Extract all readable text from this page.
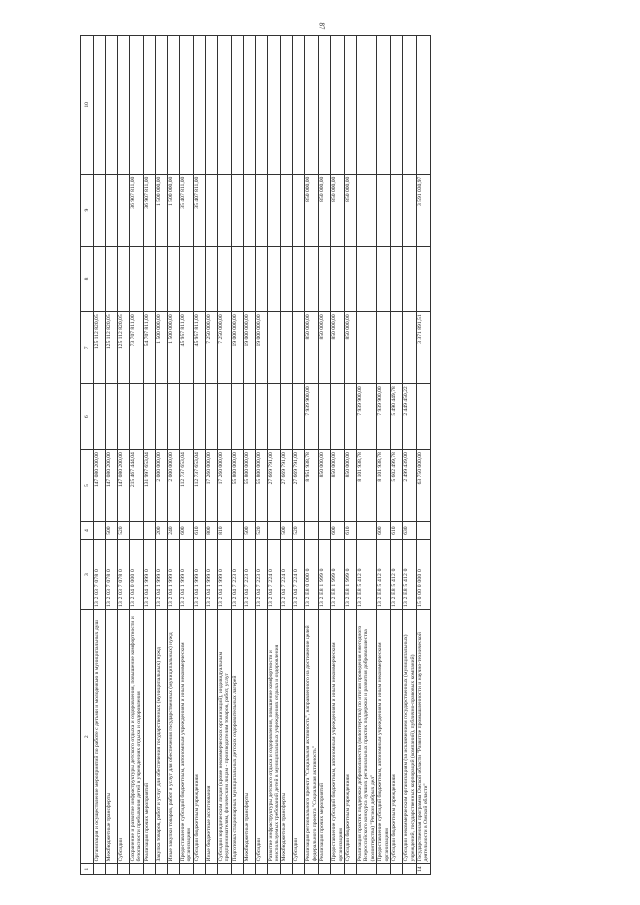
87
1	2	3	4	5	6	7	8	9	10
	Организация и осуществление мероприятий по работе с детьми и молодежью в муниципальных душ	13 2 03 7 078 0		147 080 200,00		125 112 820,05			
	Межбюджетные трансферты	13 2 03 7 078 0	500	147 080 200,00		125 112 820,05			
	Субсидии	13 2 03 7 078 0	520	147 080 200,00		125 112 820,05			
	Сохранение и развитие инфраструктуры детского отдыха и оздоровления, повышение комфортности и безопасности пребывания детей в учреждениях отдыха и оздоровления	13 2 04 0 000 0		215 467 444,04		73 707 811,00		36 907 811,00	
	Реализация прочих мероприятий	13 2 04 1 999 0		131 997 653,04		54 707 811,00		36 907 811,00	
	Закупка товаров, работ и услуг для обеспечения государственных (муниципальных) нужд	13 2 04 1 999 0	200	2 000 000,00		1 500 000,00		1 500 000,00	
	Иные закупки товаров, работ и услуг для обеспечения государственных (муниципальных) нужд	13 2 04 1 999 0	240	2 000 000,00		1 500 000,00		1 500 000,00	
	Предоставление субсидий бюджетным, автономным учреждениям и иным некоммерческим организациям	13 2 04 1 999 0	600	112 737 653,04		45 957 811,00		35 407 811,00	
	Субсидии бюджетным учреждениям	13 2 04 1 999 0	610	112 737 653,04		45 957 811,00		35 407 811,00	
	Иные бюджетные ассигнования	13 2 04 1 999 0	800	17 260 000,00		7 250 000,00			
	Субсидии юридическим лицам (кроме некоммерческих организаций), индивидуальным предпринимателям, физическим лицам - производителям товаров, работ, услуг	13 2 04 1 999 0	810	17 260 000,00		7 250 000,00			
	Подготовка стационарных муниципальных детских оздоровительных лагерей	13 2 04 7 223 0		55 800 000,00		19 000 000,00			
	Межбюджетные трансферты	13 2 04 7 223 0	500	55 800 000,00		19 000 000,00			
	Субсидии	13 2 04 7 223 0	520	55 800 000,00		19 000 000,00			
	Развитие инфраструктуры детского отдыха и оздоровления, повышение комфортности и неиспользуемых требований детей в муниципальных учреждениях отдыха и оздоровления	13 2 04 7 224 0		27 669 791,00					
	Межбюджетные трансферты	13 2 04 7 224 0	500	27 669 791,00					
	Субсидии	13 2 04 7 224 0	520	27 669 791,00					
	Реализация регионального проекта "Социальная активность", направленного на достижение целей федерального проекта "Социальная активность"	13 2 E8 0 000 0		8 951 938,78	7 939 900,00	850 000,00		850 000,00	
	Реализация прочих мероприятий	13 2 E8 1 999 0		850 000,00		850 000,00		850 000,00	
	Предоставление субсидий бюджетным, автономным учреждениям и иным некоммерческим организациям	13 2 E8 1 999 0	600	850 000,00		850 000,00		850 000,00	
	Субсидии бюджетным учреждениям	13 2 E8 1 999 0	610	850 000,00		850 000,00		850 000,00	
	Реализация практик поддержки добровольчества (волонтерства) по итогам проведения ежегодного Всероссийского конкурса лучших региональных практик поддержки и развития добровольчества (волонтерства) "Регион добрых дел"	13 2 E8 5 412 0		8 101 938,78	7 939 900,00				
	Предоставление субсидий бюджетным, автономным учреждениям и иным некоммерческим организациям	13 2 E8 5 412 0	600	8 101 938,78	7 939 900,00				
	Субсидии бюджетным учреждениям	13 2 E8 5 412 0	610	5 602 499,78	5 490 449,78				
	Субсидии некоммерческим организациям (за исключением государственных (муниципальных) учреждений, государственных корпораций (компаний), публично-правовых компаний)	13 2 E8 5 412 0	630	2 499 439,00	2 449 450,22				
14	Государственная программа Омской области "Развитие промышленности и научно-технической деятельности в Омской области"	15 0 00 0 000 0		63 750 000,00		3 371 891,51		3 591 030,97	
